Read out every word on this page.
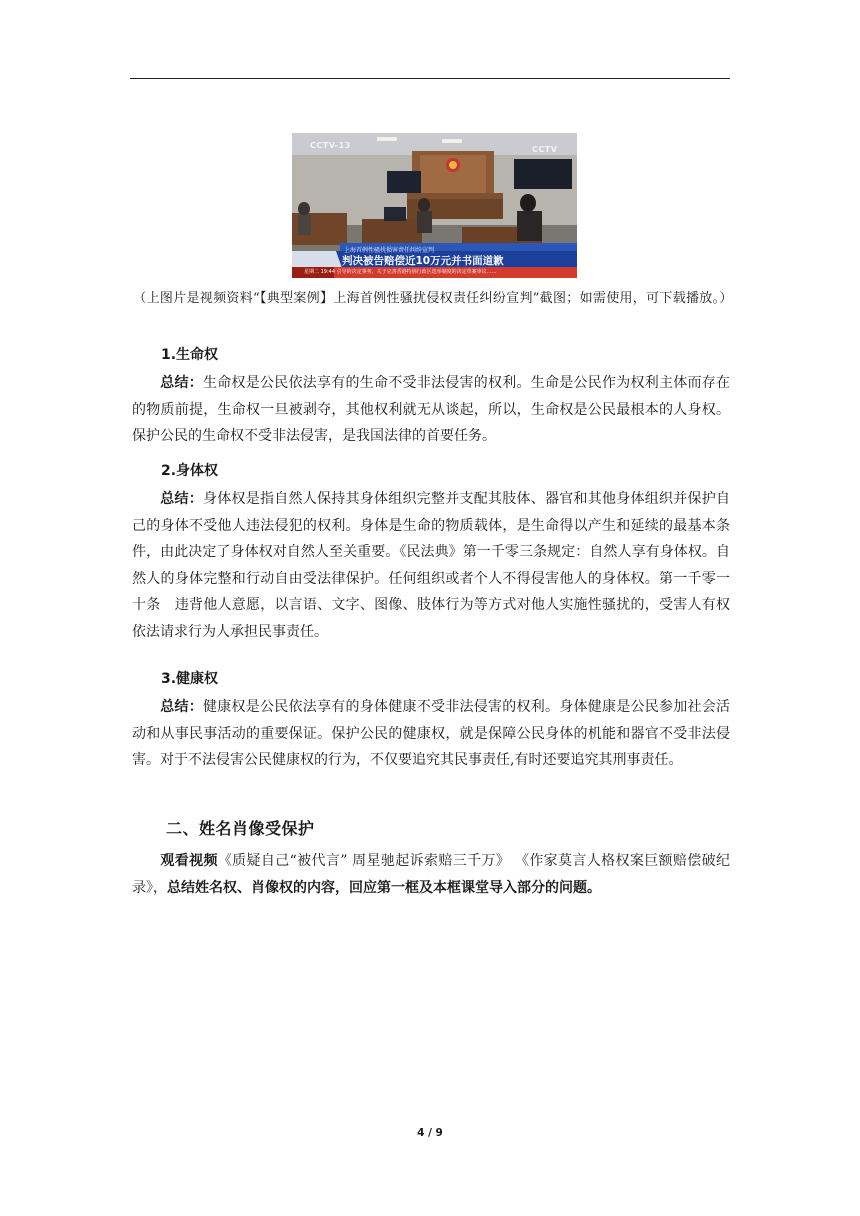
CCTV-13	CCTV
上海首例性骚扰损害责任纠纷宣判
判决被告赔偿近10万元并书面道歉
星期二 19:44 引导的决定事务、关于完善香港特别行政区选举制度的决定草案审议……
（上图片是视频资料“【典型案例】上海首例性骚扰侵权责任纠纷宣判”截图；如需使用，可下载播放。）
1.生命权
总结：生命权是公民依法享有的生命不受非法侵害的权利。生命是公民作为权利主体而存在的物质前提，生命权一旦被剥夺，其他权利就无从谈起，所以，生命权是公民最根本的人身权。保护公民的生命权不受非法侵害，是我国法律的首要任务。
2.身体权
总结：身体权是指自然人保持其身体组织完整并支配其肢体、器官和其他身体组织并保护自己的身体不受他人违法侵犯的权利。身体是生命的物质载体，是生命得以产生和延续的最基本条件，由此决定了身体权对自然人至关重要。《民法典》第一千零三条规定：自然人享有身体权。自然人的身体完整和行动自由受法律保护。任何组织或者个人不得侵害他人的身体权。第一千零一十条　违背他人意愿，以言语、文字、图像、肢体行为等方式对他人实施性骚扰的，受害人有权依法请求行为人承担民事责任。
3.健康权
总结：健康权是公民依法享有的身体健康不受非法侵害的权利。身体健康是公民参加社会活动和从事民事活动的重要保证。保护公民的健康权，就是保障公民身体的机能和器官不受非法侵害。对于不法侵害公民健康权的行为，不仅要追究其民事责任,有时还要追究其刑事责任。
二、姓名肖像受保护
观看视频《质疑自己“被代言” 周星驰起诉索赔三千万》 《作家莫言人格权案巨额赔偿破纪录》，总结姓名权、肖像权的内容，回应第一框及本框课堂导入部分的问题。
4 / 9
